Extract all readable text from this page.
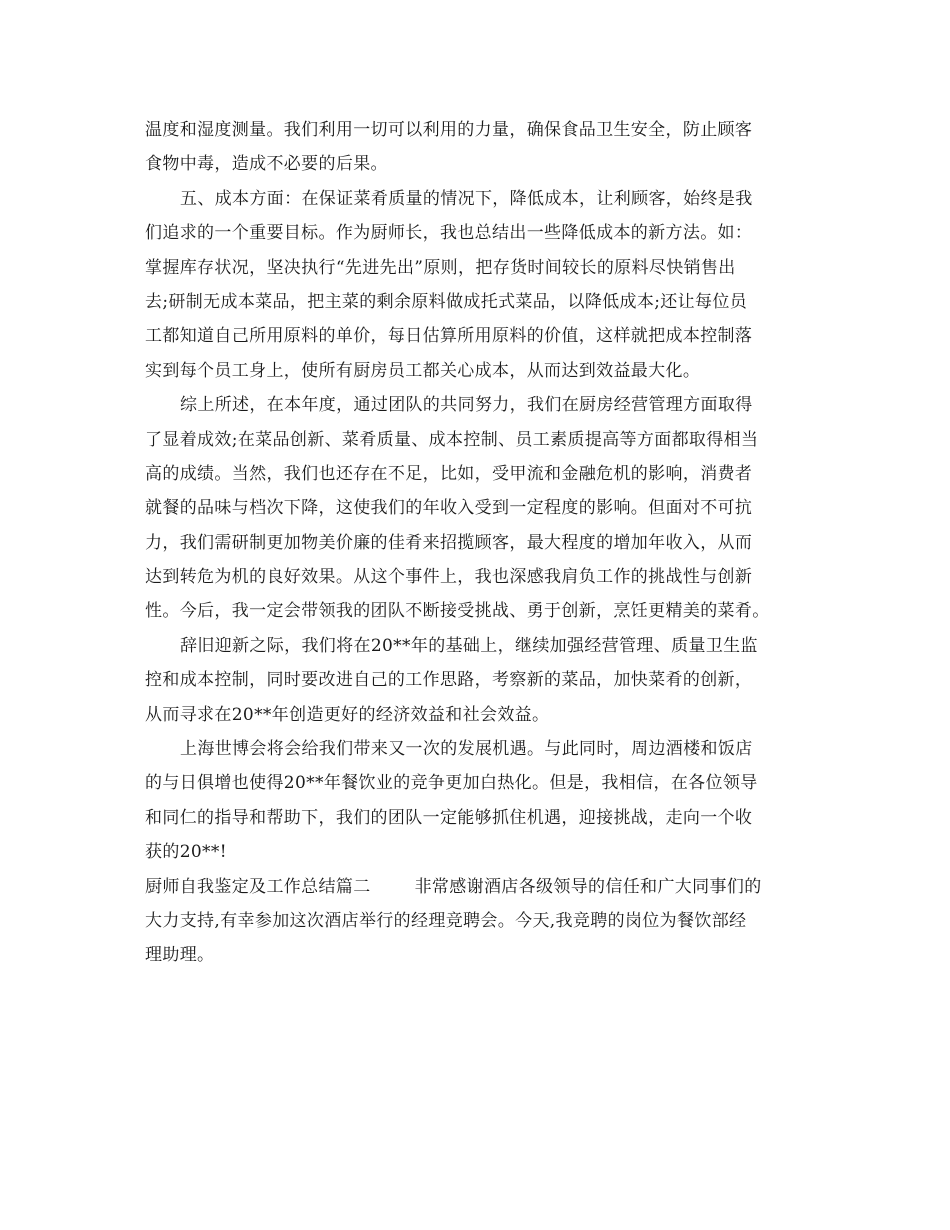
温度和湿度测量。我们利用一切可以利用的力量，确保食品卫生安全，防止顾客
食物中毒，造成不必要的后果。
五、成本方面：在保证菜肴质量的情况下，降低成本，让利顾客，始终是我
们追求的一个重要目标。作为厨师长，我也总结出一些降低成本的新方法。如：
掌握库存状况，坚决执行“先进先出”原则，把存货时间较长的原料尽快销售出
去;研制无成本菜品，把主菜的剩余原料做成托式菜品，以降低成本;还让每位员
工都知道自己所用原料的单价，每日估算所用原料的价值，这样就把成本控制落
实到每个员工身上，使所有厨房员工都关心成本，从而达到效益最大化。
综上所述，在本年度，通过团队的共同努力，我们在厨房经营管理方面取得
了显着成效;在菜品创新、菜肴质量、成本控制、员工素质提高等方面都取得相当
高的成绩。当然，我们也还存在不足，比如，受甲流和金融危机的影响，消费者
就餐的品味与档次下降，这使我们的年收入受到一定程度的影响。但面对不可抗
力，我们需研制更加物美价廉的佳肴来招揽顾客，最大程度的增加年收入，从而
达到转危为机的良好效果。从这个事件上，我也深感我肩负工作的挑战性与创新
性。今后，我一定会带领我的团队不断接受挑战、勇于创新，烹饪更精美的菜肴。
辞旧迎新之际，我们将在20**年的基础上，继续加强经营管理、质量卫生监
控和成本控制，同时要改进自己的工作思路，考察新的菜品，加快菜肴的创新，
从而寻求在20**年创造更好的经济效益和社会效益。
上海世博会将会给我们带来又一次的发展机遇。与此同时，周边酒楼和饭店
的与日俱增也使得20**年餐饮业的竞争更加白热化。但是，我相信，在各位领导
和同仁的指导和帮助下，我们的团队一定能够抓住机遇，迎接挑战，走向一个收
获的20**!
厨师自我鉴定及工作总结篇二	非常感谢酒店各级领导的信任和广大同事们的
大力支持,有幸参加这次酒店举行的经理竞聘会。今天,我竞聘的岗位为餐饮部经
理助理。
